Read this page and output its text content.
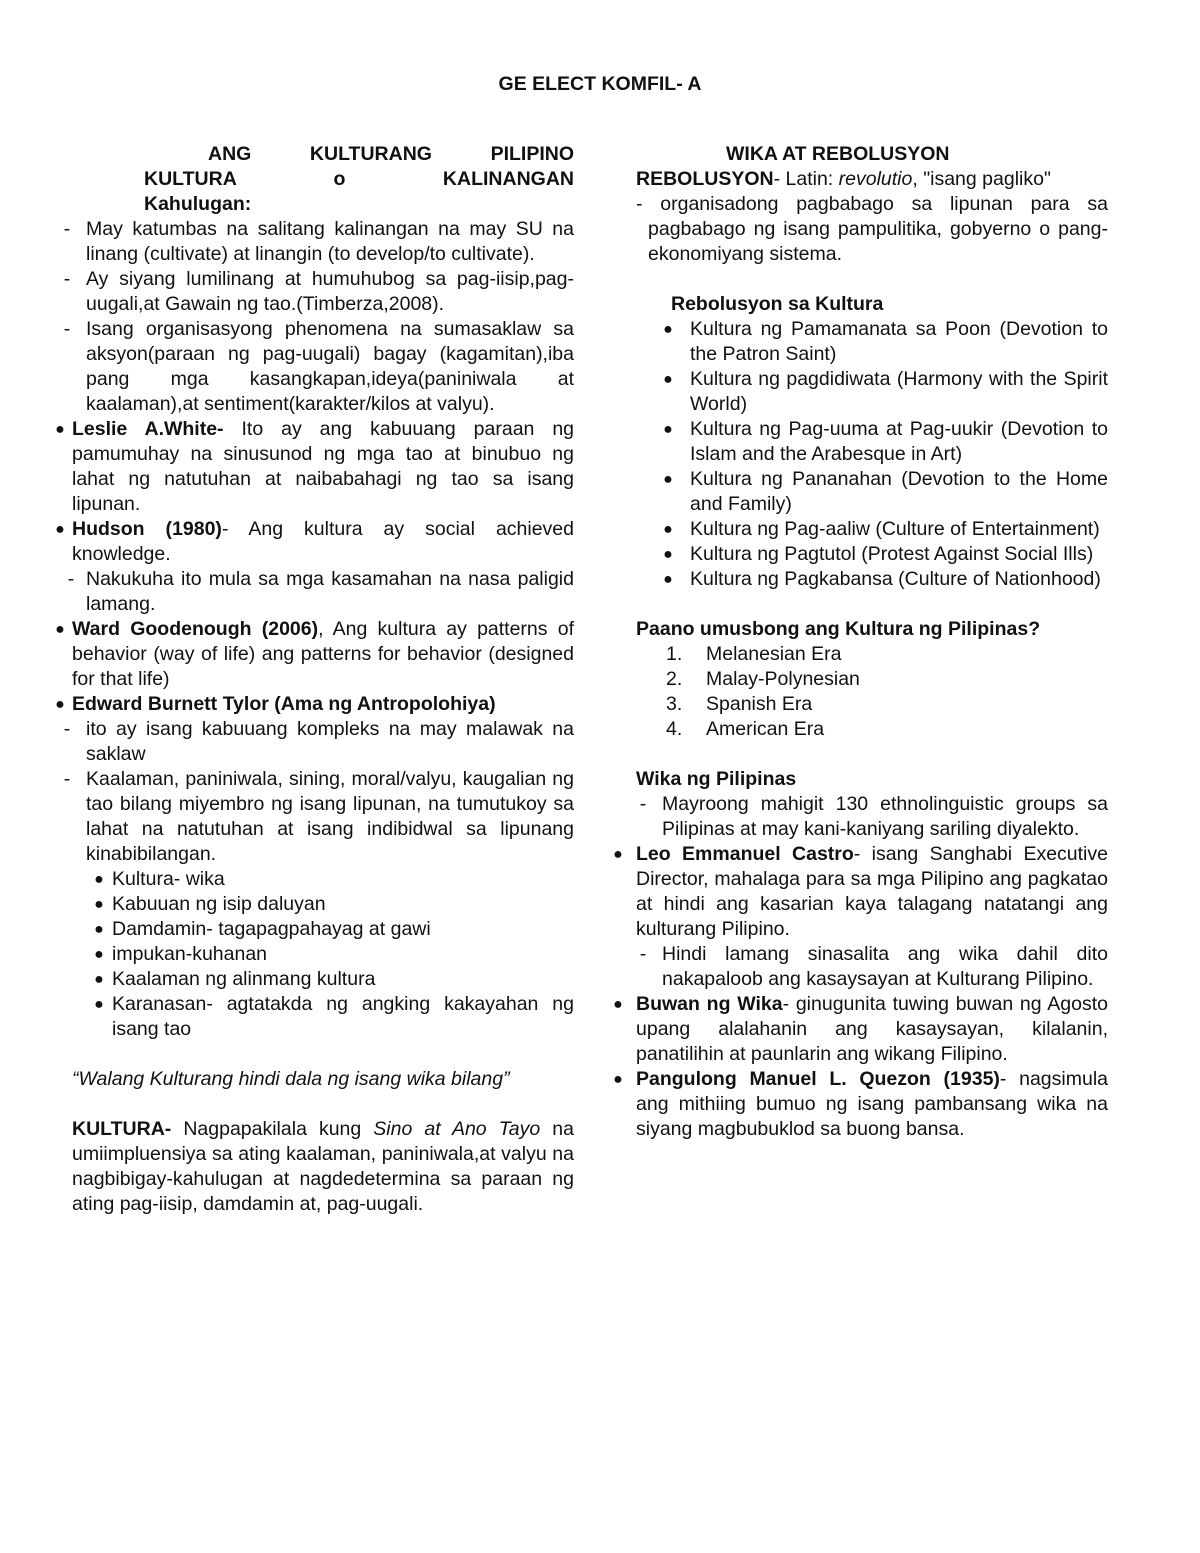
GE ELECT KOMFIL- A

ANG KULTURANG PILIPINO

KULTURA o KALINANGAN

Kahulugan:

- May katumbas na salitang kalinangan na may SU na linang (cultivate) at linangin (to develop/to cultivate).
- Ay siyang lumilinang at humuhubog sa pag-iisip,pag-uugali,at Gawain ng tao.(Timberza,2008).
- Isang organisasyong phenomena na sumasaklaw sa aksyon(paraan ng pag-uugali) bagay (kagamitan),iba pang mga kasangkapan,ideya(paniniwala at kaalaman),at sentiment(karakter/kilos at valyu).
● Leslie A.White- Ito ay ang kabuuang paraan ng pamumuhay na sinusunod ng mga tao at binubuo ng lahat ng natutuhan at naibabahagi ng tao sa isang lipunan.
● Hudson (1980)- Ang kultura ay social achieved knowledge.
- Nakukuha ito mula sa mga kasamahan na nasa paligid lamang.
● Ward Goodenough (2006), Ang kultura ay patterns of behavior (way of life) ang patterns for behavior (designed for that life)
● Edward Burnett Tylor (Ama ng Antropolohiya)
- ito ay isang kabuuang kompleks na may malawak na saklaw
- Kaalaman, paniniwala, sining, moral/valyu, kaugalian ng tao bilang miyembro ng isang lipunan, na tumutukoy sa lahat na natutuhan at isang indibidwal sa lipunang kinabibilangan.
● Kultura- wika
● Kabuuan ng isip daluyan
● Damdamin- tagapagpahayag at gawi
● impukan-kuhanan
● Kaalaman ng alinmang kultura
● Karanasan- agtatakda ng angking kakayahan ng isang tao

“Walang Kulturang hindi dala ng isang wika bilang”

KULTURA- Nagpapakilala kung Sino at Ano Tayo na umiimpluensiya sa ating kaalaman, paniniwala,at valyu na nagbibigay-kahulugan at nagdedetermina sa paraan ng ating pag-iisip, damdamin at, pag-uugali.

WIKA AT REBOLUSYON

REBOLUSYON- Latin: revolutio, "isang pagliko"

- organisadong pagbabago sa lipunan para sa pagbabago ng isang pampulitika, gobyerno o pang-ekonomiyang sistema.

Rebolusyon sa Kultura

● Kultura ng Pamamanata sa Poon (Devotion to the Patron Saint)
● Kultura ng pagdidiwata (Harmony with the Spirit World)
● Kultura ng Pag-uuma at Pag-uukir (Devotion to Islam and the Arabesque in Art)
● Kultura ng Pananahan (Devotion to the Home and Family)
● Kultura ng Pag-aaliw (Culture of Entertainment)
● Kultura ng Pagtutol (Protest Against Social Ills)
● Kultura ng Pagkabansa (Culture of Nationhood)

Paano umusbong ang Kultura ng Pilipinas?

1.	Melanesian Era
2.	Malay-Polynesian
3.	Spanish Era
4.	American Era

Wika ng Pilipinas

- Mayroong mahigit 130 ethnolinguistic groups sa Pilipinas at may kani-kaniyang sariling diyalekto.
● Leo Emmanuel Castro- isang Sanghabi Executive Director, mahalaga para sa mga Pilipino ang pagkatao at hindi ang kasarian kaya talagang natatangi ang kulturang Pilipino.
- Hindi lamang sinasalita ang wika dahil dito nakapaloob ang kasaysayan at Kulturang Pilipino.
● Buwan ng Wika- ginugunita tuwing buwan ng Agosto upang alalahanin ang kasaysayan, kilalanin, panatilihin at paunlarin ang wikang Filipino.
● Pangulong Manuel L. Quezon (1935)- nagsimula ang mithiing bumuo ng isang pambansang wika na siyang magbubuklod sa buong bansa.
